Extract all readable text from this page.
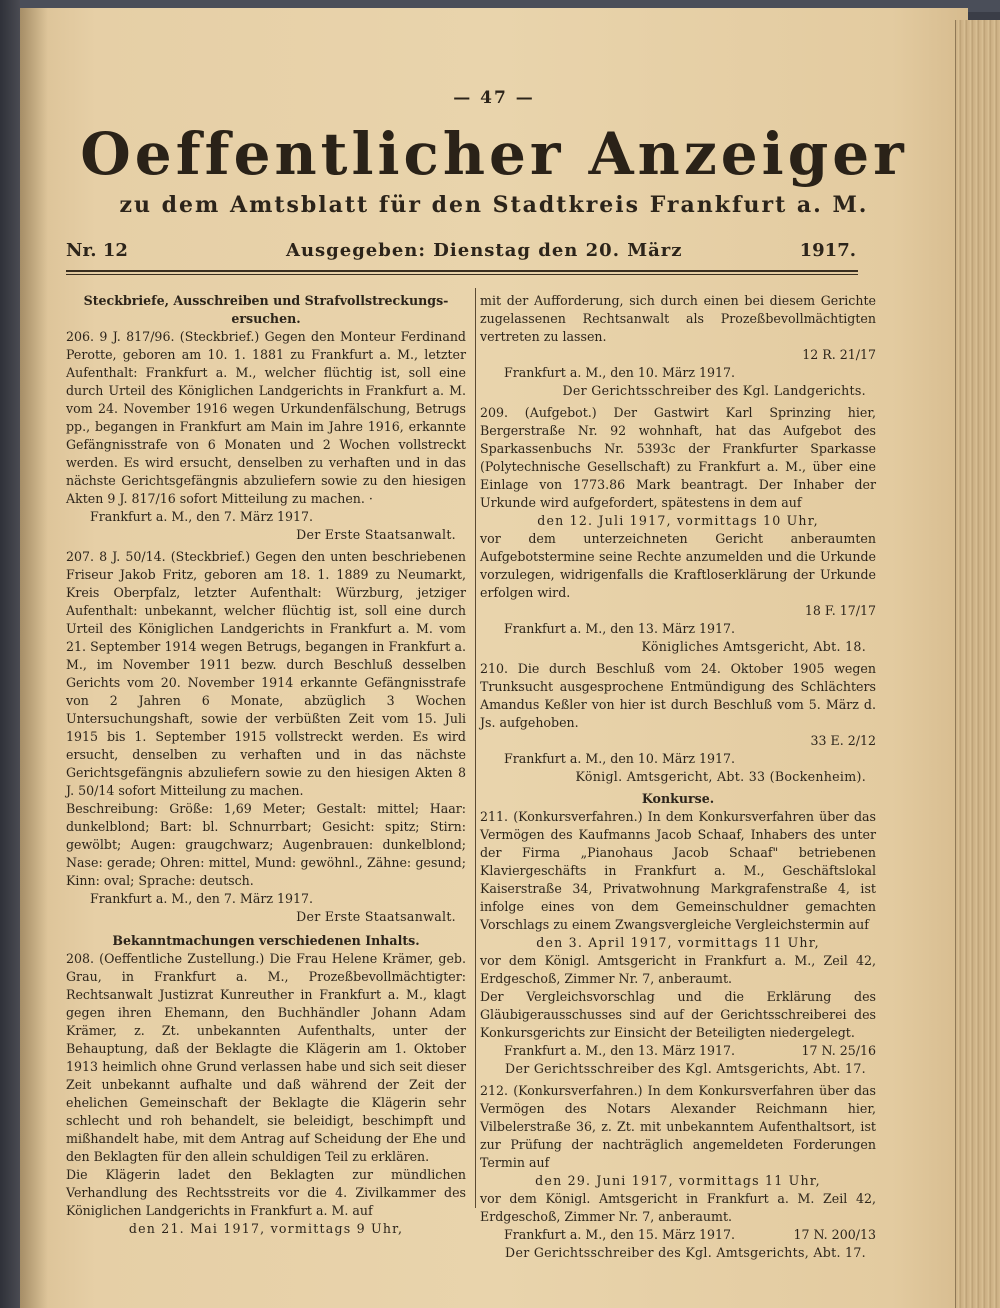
— 47 —
Oeffentlicher Anzeiger
zu dem Amtsblatt für den Stadtkreis Frankfurt a. M.
Nr. 12	Ausgegeben: Dienstag den 20. März	1917.

Steckbriefe, Ausschreiben und Strafvollstreckungs-ersuchen.

206. 9 J. 817/96. (Steckbrief.) Gegen den Monteur Ferdinand Perotte, geboren am 10. 1. 1881 zu Frankfurt a. M., letzter Aufenthalt: Frankfurt a. M., welcher flüchtig ist, soll eine durch Urteil des Königlichen Landgerichts in Frankfurt a. M. vom 24. November 1916 wegen Urkundenfälschung, Betrugs pp., begangen in Frankfurt am Main im Jahre 1916, erkannte Gefängnisstrafe von 6 Monaten und 2 Wochen vollstreckt werden. Es wird ersucht, denselben zu verhaften und in das nächste Gerichtsgefängnis abzuliefern sowie zu den hiesigen Akten 9 J. 817/16 sofort Mitteilung zu machen. ·

Frankfurt a. M., den 7. März 1917.

Der Erste Staatsanwalt.

207. 8 J. 50/14. (Steckbrief.) Gegen den unten beschriebenen Friseur Jakob Fritz, geboren am 18. 1. 1889 zu Neumarkt, Kreis Oberpfalz, letzter Aufenthalt: Würzburg, jetziger Aufenthalt: unbekannt, welcher flüchtig ist, soll eine durch Urteil des Königlichen Landgerichts in Frankfurt a. M. vom 21. September 1914 wegen Betrugs, begangen in Frankfurt a. M., im November 1911 bezw. durch Beschluß desselben Gerichts vom 20. November 1914 erkannte Gefängnisstrafe von 2 Jahren 6 Monate, abzüglich 3 Wochen Untersuchungshaft, sowie der verbüßten Zeit vom 15. Juli 1915 bis 1. September 1915 vollstreckt werden. Es wird ersucht, denselben zu verhaften und in das nächste Gerichtsgefängnis abzuliefern sowie zu den hiesigen Akten 8 J. 50/14 sofort Mitteilung zu machen.

Beschreibung: Größe: 1,69 Meter; Gestalt: mittel; Haar: dunkelblond; Bart: bl. Schnurrbart; Gesicht: spitz; Stirn: gewölbt; Augen: graugchwarz; Augenbrauen: dunkelblond; Nase: gerade; Ohren: mittel, Mund: gewöhnl., Zähne: gesund; Kinn: oval; Sprache: deutsch.

Frankfurt a. M., den 7. März 1917.

Der Erste Staatsanwalt.

Bekanntmachungen verschiedenen Inhalts.

208. (Oeffentliche Zustellung.) Die Frau Helene Krämer, geb. Grau, in Frankfurt a. M., Prozeßbevollmächtigter: Rechtsanwalt Justizrat Kunreuther in Frankfurt a. M., klagt gegen ihren Ehemann, den Buchhändler Johann Adam Krämer, z. Zt. unbekannten Aufenthalts, unter der Behauptung, daß der Beklagte die Klägerin am 1. Oktober 1913 heimlich ohne Grund verlassen habe und sich seit dieser Zeit unbekannt aufhalte und daß während der Zeit der ehelichen Gemeinschaft der Beklagte die Klägerin sehr schlecht und roh behandelt, sie beleidigt, beschimpft und mißhandelt habe, mit dem Antrag auf Scheidung der Ehe und den Beklagten für den allein schuldigen Teil zu erklären.

Die Klägerin ladet den Beklagten zur mündlichen Verhandlung des Rechtsstreits vor die 4. Zivilkammer des Königlichen Landgerichts in Frankfurt a. M. auf

den 21. Mai 1917, vormittags 9 Uhr,

mit der Aufforderung, sich durch einen bei diesem Gerichte zugelassenen Rechtsanwalt als Prozeßbevollmächtigten vertreten zu lassen.

12 R. 21/17

Frankfurt a. M., den 10. März 1917.

Der Gerichtsschreiber des Kgl. Landgerichts.

209. (Aufgebot.) Der Gastwirt Karl Sprinzing hier, Bergerstraße Nr. 92 wohnhaft, hat das Aufgebot des Sparkassenbuchs Nr. 5393c der Frankfurter Sparkasse (Polytechnische Gesellschaft) zu Frankfurt a. M., über eine Einlage von 1773.86 Mark beantragt. Der Inhaber der Urkunde wird aufgefordert, spätestens in dem auf

den 12. Juli 1917, vormittags 10 Uhr,

vor dem unterzeichneten Gericht anberaumten Aufgebotstermine seine Rechte anzumelden und die Urkunde vorzulegen, widrigenfalls die Kraftloserklärung der Urkunde erfolgen wird.

18 F. 17/17

Frankfurt a. M., den 13. März 1917.

Königliches Amtsgericht, Abt. 18.

210. Die durch Beschluß vom 24. Oktober 1905 wegen Trunksucht ausgesprochene Entmündigung des Schlächters Amandus Keßler von hier ist durch Beschluß vom 5. März d. Js. aufgehoben.

33 E. 2/12

Frankfurt a. M., den 10. März 1917.

Königl. Amtsgericht, Abt. 33 (Bockenheim).

Konkurse.

211. (Konkursverfahren.) In dem Konkursverfahren über das Vermögen des Kaufmanns Jacob Schaaf, Inhabers des unter der Firma „Pianohaus Jacob Schaaf" betriebenen Klaviergeschäfts in Frankfurt a. M., Geschäftslokal Kaiserstraße 34, Privatwohnung Markgrafenstraße 4, ist infolge eines von dem Gemeinschuldner gemachten Vorschlags zu einem Zwangsvergleiche Vergleichstermin auf

den 3. April 1917, vormittags 11 Uhr,

vor dem Königl. Amtsgericht in Frankfurt a. M., Zeil 42, Erdgeschoß, Zimmer Nr. 7, anberaumt.

Der Vergleichsvorschlag und die Erklärung des Gläubigerausschusses sind auf der Gerichtsschreiberei des Konkursgerichts zur Einsicht der Beteiligten niedergelegt.

Frankfurt a. M., den 13. März 1917.	17 N. 25/16

Der Gerichtsschreiber des Kgl. Amtsgerichts, Abt. 17.

212. (Konkursverfahren.) In dem Konkursverfahren über das Vermögen des Notars Alexander Reichmann hier, Vilbelerstraße 36, z. Zt. mit unbekanntem Aufenthaltsort, ist zur Prüfung der nachträglich angemeldeten Forderungen Termin auf

den 29. Juni 1917, vormittags 11 Uhr,

vor dem Königl. Amtsgericht in Frankfurt a. M. Zeil 42, Erdgeschoß, Zimmer Nr. 7, anberaumt.

Frankfurt a. M., den 15. März 1917.	17 N. 200/13

Der Gerichtsschreiber des Kgl. Amtsgerichts, Abt. 17.
